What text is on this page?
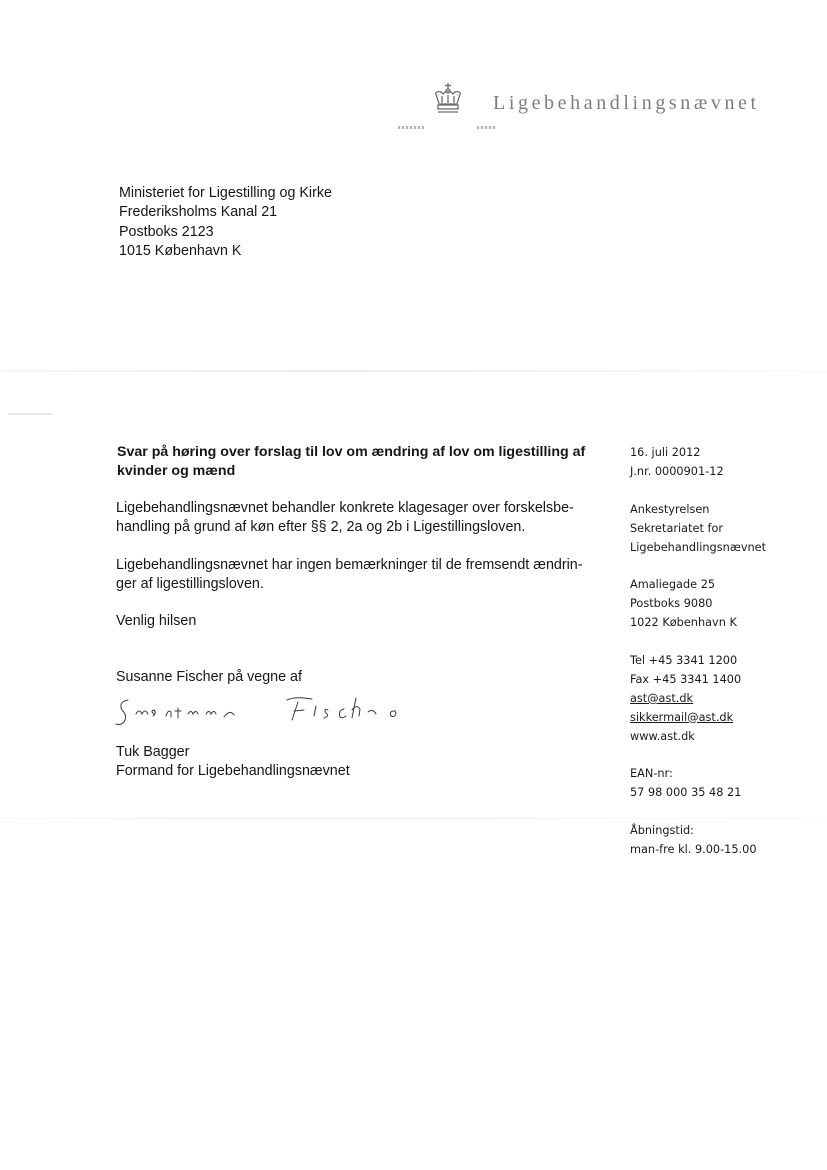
Ligebehandlingsnævnet
Ministeriet for Ligestilling og Kirke
Frederiksholms Kanal 21
Postboks 2123
1015 København K
Svar på høring over forslag til lov om ændring af lov om ligestilling af kvinder og mænd
Ligebehandlingsnævnet behandler konkrete klagesager over forskelsbe-
handling på grund af køn efter §§ 2, 2a og 2b i Ligestillingsloven.
Ligebehandlingsnævnet har ingen bemærkninger til de fremsendt ændrin-
ger af ligestillingsloven.
Venlig hilsen
Susanne Fischer på vegne af
Tuk Bagger
Formand for Ligebehandlingsnævnet
16. juli 2012
J.nr. 0000901-12
Ankestyrelsen
Sekretariatet for
Ligebehandlingsnævnet
Amaliegade 25
Postboks 9080
1022 København K
Tel +45 3341 1200
Fax +45 3341 1400
ast@ast.dk
sikkermail@ast.dk
www.ast.dk
EAN-nr:
57 98 000 35 48 21
Åbningstid:
man-fre kl. 9.00-15.00
